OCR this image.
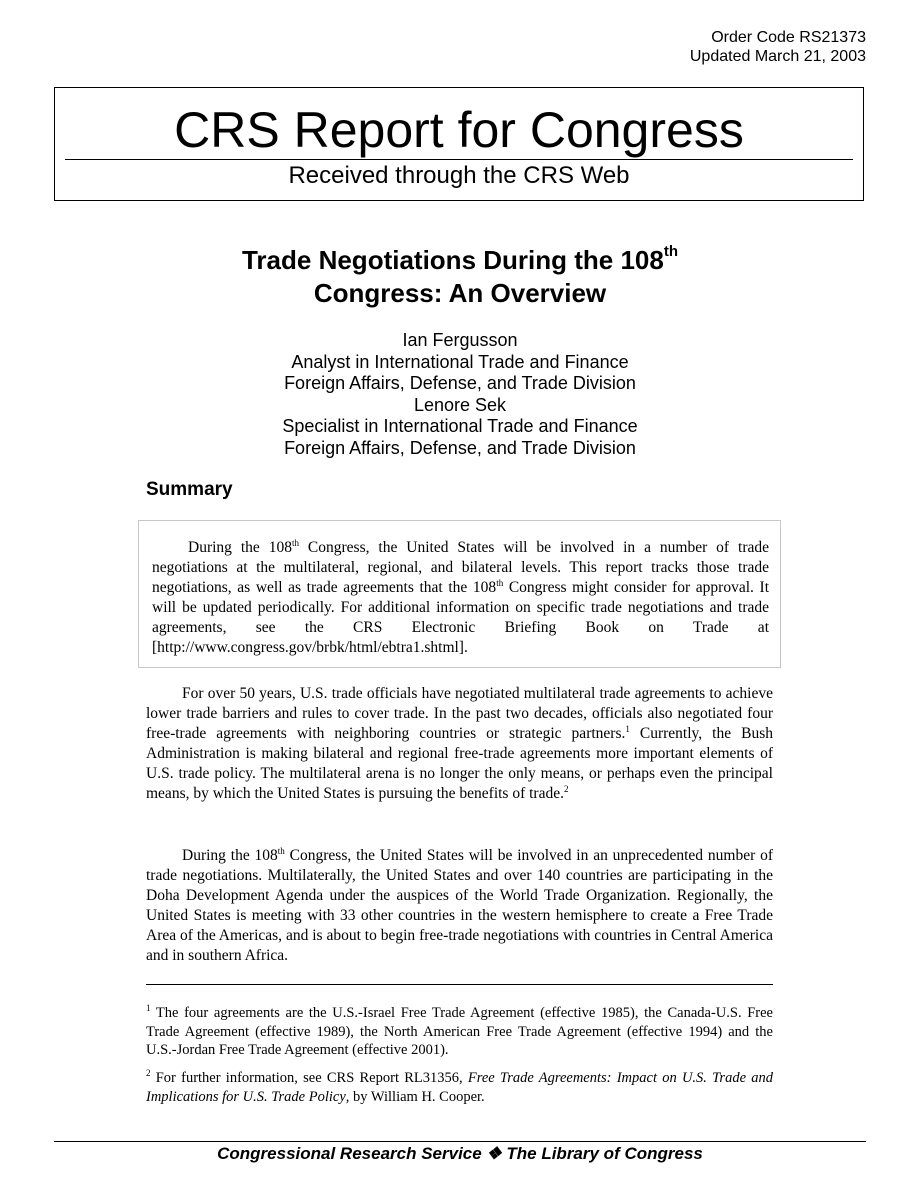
Order Code RS21373
Updated March 21, 2003
CRS Report for Congress
Received through the CRS Web
Trade Negotiations During the 108th
Congress: An Overview
Ian Fergusson
Analyst in International Trade and Finance
Foreign Affairs, Defense, and Trade Division
Lenore Sek
Specialist in International Trade and Finance
Foreign Affairs, Defense, and Trade Division
Summary
During the 108th Congress, the United States will be involved in a number of trade negotiations at the multilateral, regional, and bilateral levels. This report tracks those trade negotiations, as well as trade agreements that the 108th Congress might consider for approval. It will be updated periodically. For additional information on specific trade negotiations and trade agreements, see the CRS Electronic Briefing Book on Trade at [http://www.congress.gov/brbk/html/ebtra1.shtml].
For over 50 years, U.S. trade officials have negotiated multilateral trade agreements to achieve lower trade barriers and rules to cover trade. In the past two decades, officials also negotiated four free-trade agreements with neighboring countries or strategic partners.$^1$ Currently, the Bush Administration is making bilateral and regional free-trade agreements more important elements of U.S. trade policy. The multilateral arena is no longer the only means, or perhaps even the principal means, by which the United States is pursuing the benefits of trade.$^2$
During the 108th Congress, the United States will be involved in an unprecedented number of trade negotiations. Multilaterally, the United States and over 140 countries are participating in the Doha Development Agenda under the auspices of the World Trade Organization. Regionally, the United States is meeting with 33 other countries in the western hemisphere to create a Free Trade Area of the Americas, and is about to begin free-trade negotiations with countries in Central America and in southern Africa.
$^1$ The four agreements are the U.S.-Israel Free Trade Agreement (effective 1985), the Canada-U.S. Free Trade Agreement (effective 1989), the North American Free Trade Agreement (effective 1994) and the U.S.-Jordan Free Trade Agreement (effective 2001).
$^2$ For further information, see CRS Report RL31356, Free Trade Agreements: Impact on U.S. Trade and Implications for U.S. Trade Policy, by William H. Cooper.
Congressional Research Service ❖ The Library of Congress
